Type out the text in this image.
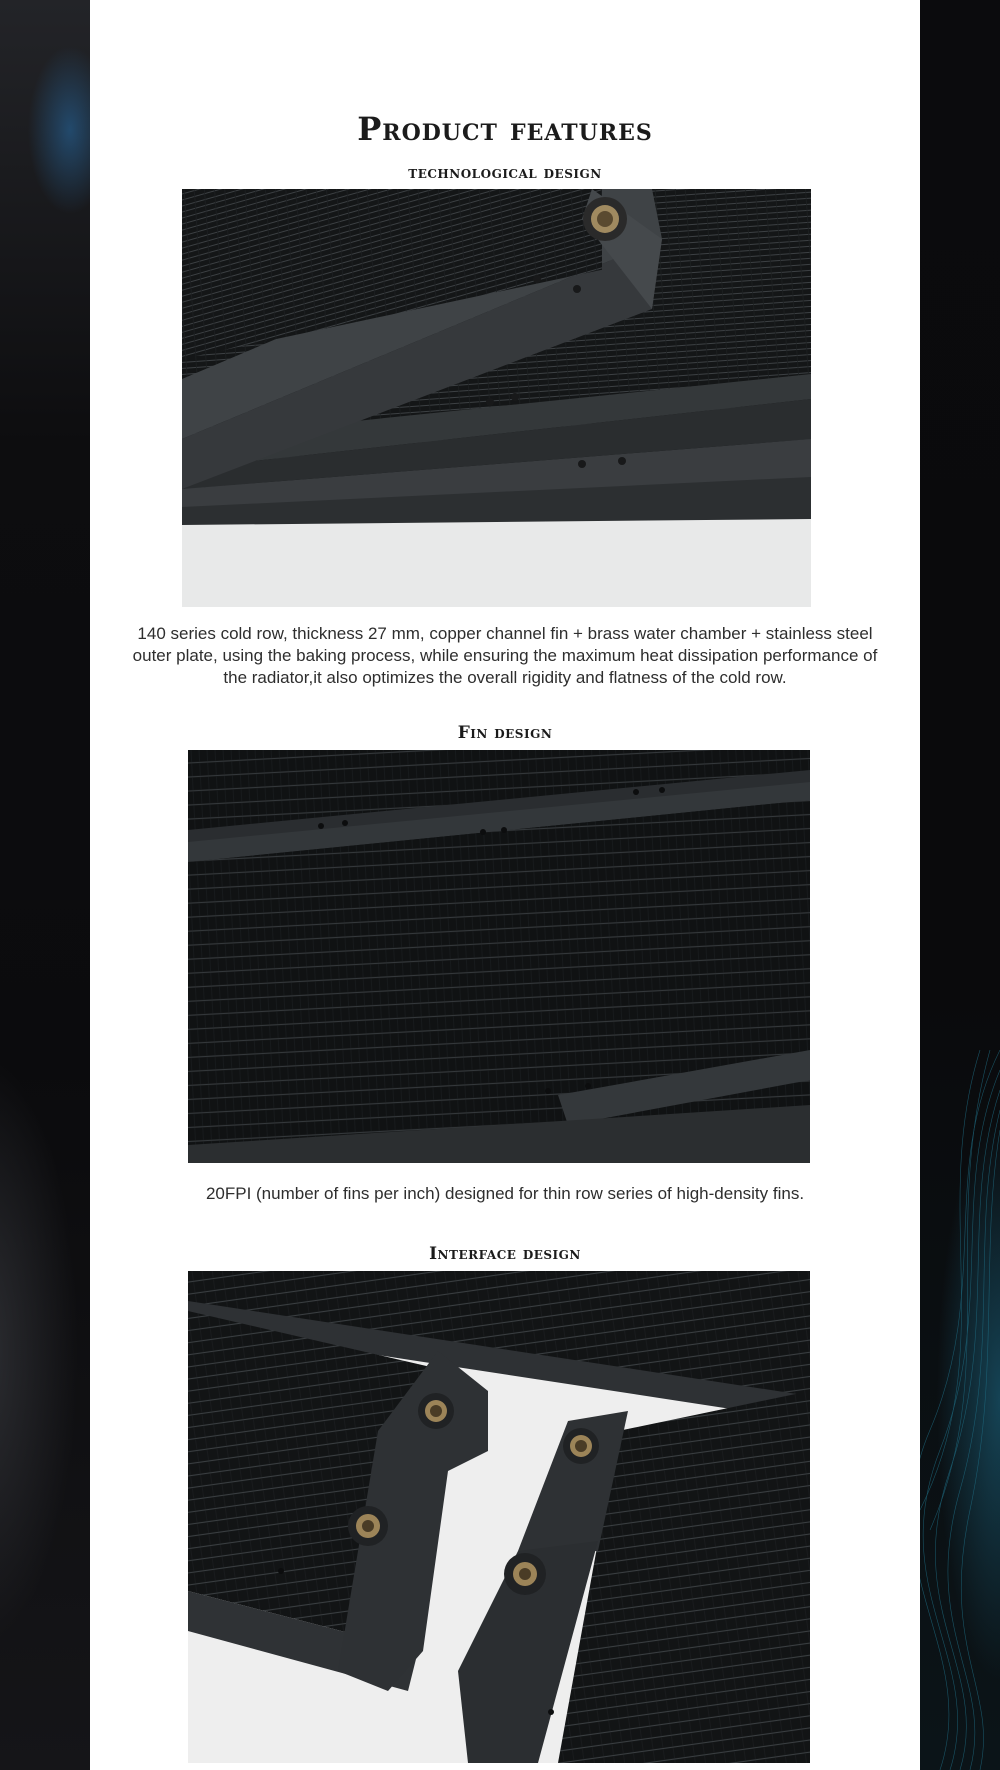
Product features
technological design

140 series cold row, thickness 27 mm, copper channel fin + brass water chamber + stainless steel outer plate, using the baking process, while ensuring the maximum heat dissipation performance of the radiator,it also optimizes the overall rigidity and flatness of the cold row.

Fin design

20FPI (number of fins per inch) designed for thin row series of high-density fins.

Interface design
